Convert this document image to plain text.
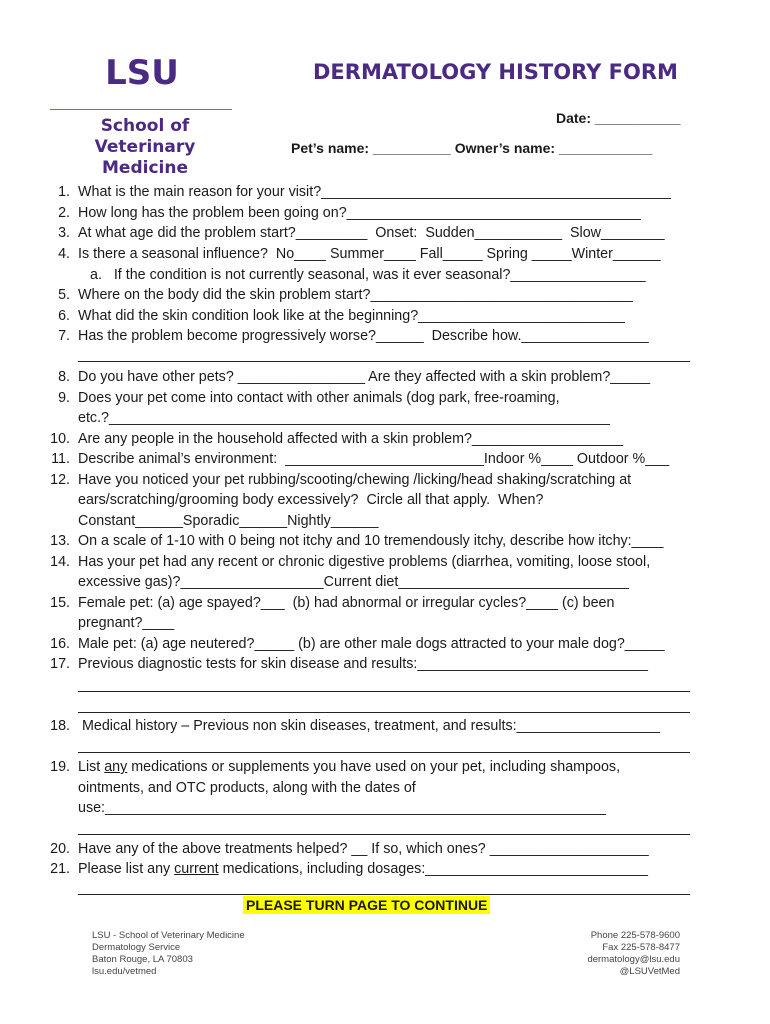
LSU
School of
Veterinary Medicine
DERMATOLOGY HISTORY FORM
Date: ___________
Pet’s name: __________ Owner’s name: ____________
1. What is the main reason for your visit?____________________________________________
2. How long has the problem been going on?_____________________________________
3. At what age did the problem start?_________  Onset:  Sudden___________  Slow________
4. Is there a seasonal influence?  No____ Summer____ Fall_____ Spring _____Winter______
a.   If the condition is not currently seasonal, was it ever seasonal?_________________
5. Where on the body did the skin problem start?_________________________________
6. What did the skin condition look like at the beginning?__________________________
7. Has the problem become progressively worse?______  Describe how.________________
8. Do you have other pets? ________________ Are they affected with a skin problem?_____
9. Does your pet come into contact with other animals (dog park, free-roaming,
etc.?_______________________________________________________________
10. Are any people in the household affected with a skin problem?___________________
11. Describe animal’s environment:  _________________________Indoor %____ Outdoor %___
12. Have you noticed your pet rubbing/scooting/chewing /licking/head shaking/scratching at
ears/scratching/grooming body excessively?  Circle all that apply.  When?
Constant______Sporadic______Nightly______
13. On a scale of 1-10 with 0 being not itchy and 10 tremendously itchy, describe how itchy:____
14. Has your pet had any recent or chronic digestive problems (diarrhea, vomiting, loose stool,
excessive gas)?__________________Current diet_____________________________
15. Female pet: (a) age spayed?___  (b) had abnormal or irregular cycles?____ (c) been
pregnant?____
16. Male pet: (a) age neutered?_____ (b) are other male dogs attracted to your male dog?_____
17. Previous diagnostic tests for skin disease and results:_____________________________
18. Medical history – Previous non skin diseases, treatment, and results:__________________
19. List any medications or supplements you have used on your pet, including shampoos,
ointments, and OTC products, along with the dates of
use:_______________________________________________________________
20. Have any of the above treatments helped? __ If so, which ones? ____________________
21. Please list any current medications, including dosages:____________________________
PLEASE TURN PAGE TO CONTINUE
LSU - School of Veterinary Medicine
Dermatology Service
Baton Rouge, LA 70803
lsu.edu/vetmed
Phone 225-578-9600
Fax 225-578-8477
dermatology@lsu.edu
@LSUVetMed
